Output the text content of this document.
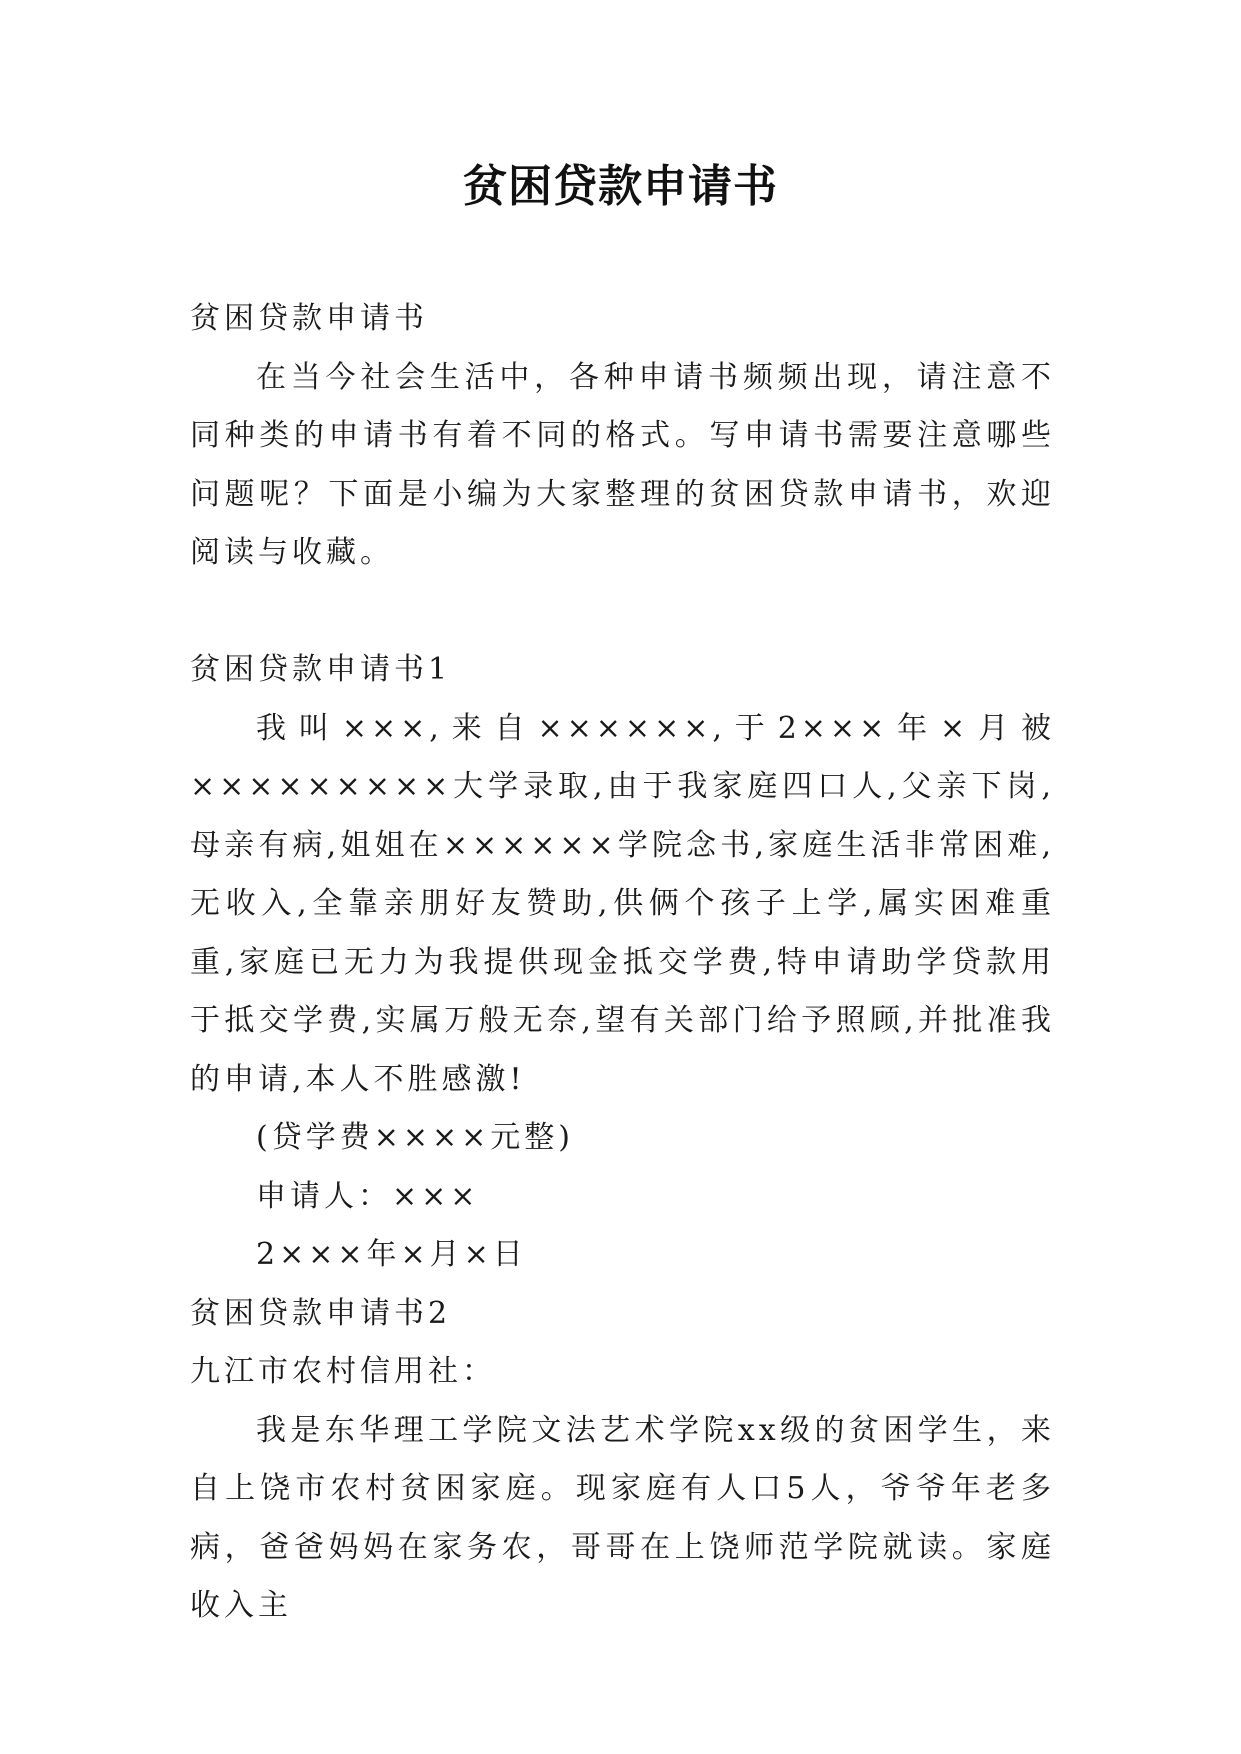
贫困贷款申请书
贫困贷款申请书
在当今社会生活中，各种申请书频频出现，请注意不同种类的申请书有着不同的格式。写申请书需要注意哪些问题呢？下面是小编为大家整理的贫困贷款申请书，欢迎阅读与收藏。
贫困贷款申请书1
我叫×××,来自××××××,于2×××年×月被×××××××××大学录取,由于我家庭四口人,父亲下岗,母亲有病,姐姐在××××××学院念书,家庭生活非常困难,无收入,全靠亲朋好友赞助,供俩个孩子上学,属实困难重重,家庭已无力为我提供现金抵交学费,特申请助学贷款用于抵交学费,实属万般无奈,望有关部门给予照顾,并批准我的申请,本人不胜感激!
(贷学费××××元整)
申请人：×××
2×××年×月×日
贫困贷款申请书2
九江市农村信用社：
我是东华理工学院文法艺术学院xx级的贫困学生，来自上饶市农村贫困家庭。现家庭有人口5人，爷爷年老多病，爸爸妈妈在家务农，哥哥在上饶师范学院就读。家庭收入主
